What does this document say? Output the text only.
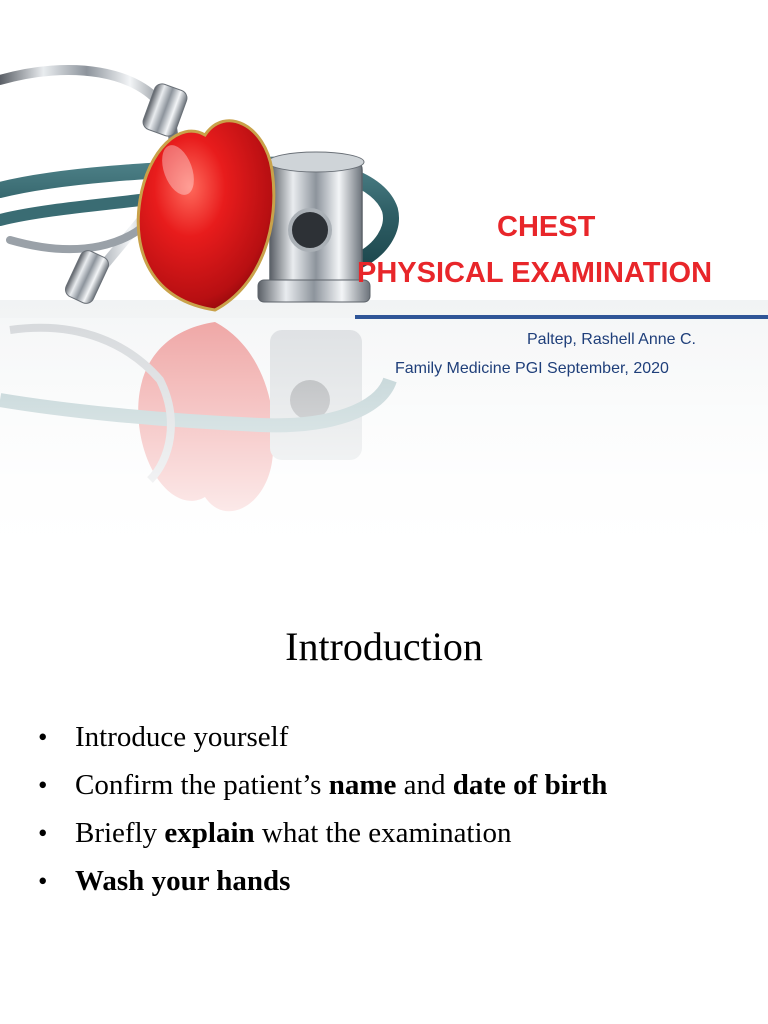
CHEST
PHYSICAL EXAMINATION
Paltep, Rashell Anne C.
Family Medicine PGI September, 2020
Introduction
• Introduce yourself
• Confirm the patient’s name and date of birth
• Briefly explain what the examination
• Wash your hands
